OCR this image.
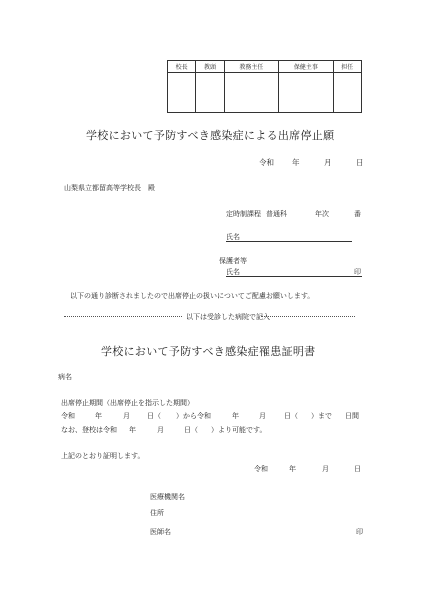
校長	教頭	教務主任	保健主事	担任

学校において予防すべき感染症による出席停止願
令和 年	月	日
山梨県立都留高等学校長　殿
定時制課程 普通科	年次	番
氏名
保護者等
氏名	印
以下の通り診断されましたので出席停止の扱いについてご配慮お願いします。
以下は受診した病院で記入
学校において予防すべき感染症罹患証明書
病名
出席停止期間（出席停止を指示した期間）
令和	年	月 日（ ）から令和	年	月	日（ ）まで 日間
なお、登校は令和 年	月	日（ ）より可能です。
上記のとおり証明します。
令和	年	月	日
医療機関名
住所
医師名	印
